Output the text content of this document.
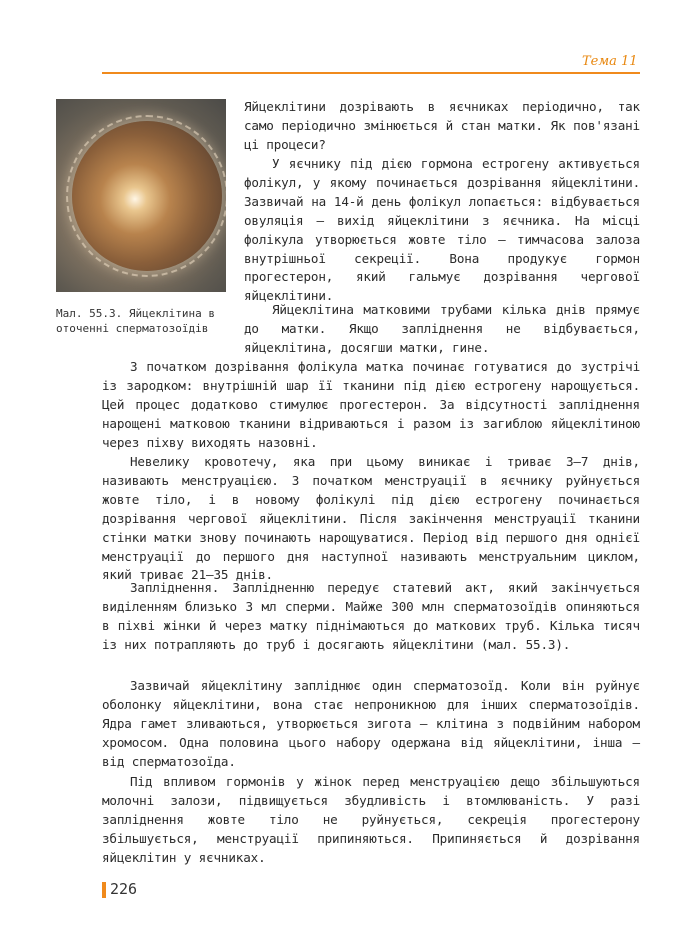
Тема 11
Мал. 55.3. Яйцеклітина в оточенні сперматозоїдів

Яйцеклітини дозрівають в яєчниках періодично, так само періодично змінюється й стан матки. Як пов'язані ці процеси?

У яєчнику під дією гормона естрогену активується фолікул, у якому починається дозрівання яйцеклітини. Зазвичай на 14-й день фолікул лопається: відбувається овуляція — вихід яйцеклітини з яєчника. На місці фолікула утворюється жовте тіло — тимчасова залоза внутрішньої секреції. Вона продукує гормон прогестерон, який гальмує дозрівання чергової яйцеклітини.

Яйцеклітина матковими трубами кілька днів прямує до матки. Якщо запліднення не відбувається, яйцеклітина, досягши матки, гине.

З початком дозрівання фолікула матка починає готуватися до зустрічі із зародком: внутрішній шар її тканини під дією естрогену нарощується. Цей процес додатково стимулює прогестерон. За відсутності запліднення нарощені матковою тканини відриваються і разом із загиблою яйцеклітиною через піхву виходять назовні.

Невелику кровотечу, яка при цьому виникає і триває 3–7 днів, називають менструацією. З початком менструації в яєчнику руйнується жовте тіло, і в новому фолікулі під дією естрогену починається дозрівання чергової яйцеклітини. Після закінчення менструації тканини стінки матки знову починають нарощуватися. Період від першого дня однієї менструації до першого дня наступної називають менструальним циклом, який триває 21–35 днів.

Запліднення. Заплідненню передує статевий акт, який закінчується виділенням близько 3 мл сперми. Майже 300 млн сперматозоїдів опиняються в піхві жінки й через матку піднімаються до маткових труб. Кілька тисяч із них потрапляють до труб і досягають яйцеклітини (мал. 55.3).

Зазвичай яйцеклітину запліднює один сперматозоїд. Коли він руйнує оболонку яйцеклітини, вона стає непроникною для інших сперматозоїдів. Ядра гамет зливаються, утворюється зигота — клітина з подвійним набором хромосом. Одна половина цього набору одержана від яйцеклітини, інша — від сперматозоїда.

Під впливом гормонів у жінок перед менструацією дещо збільшуються молочні залози, підвищується збудливість і втомлюваність. У разі запліднення жовте тіло не руйнується, секреція прогестерону збільшується, менструації припиняються. Припиняється й дозрівання яйцеклітин у яєчниках.

226
